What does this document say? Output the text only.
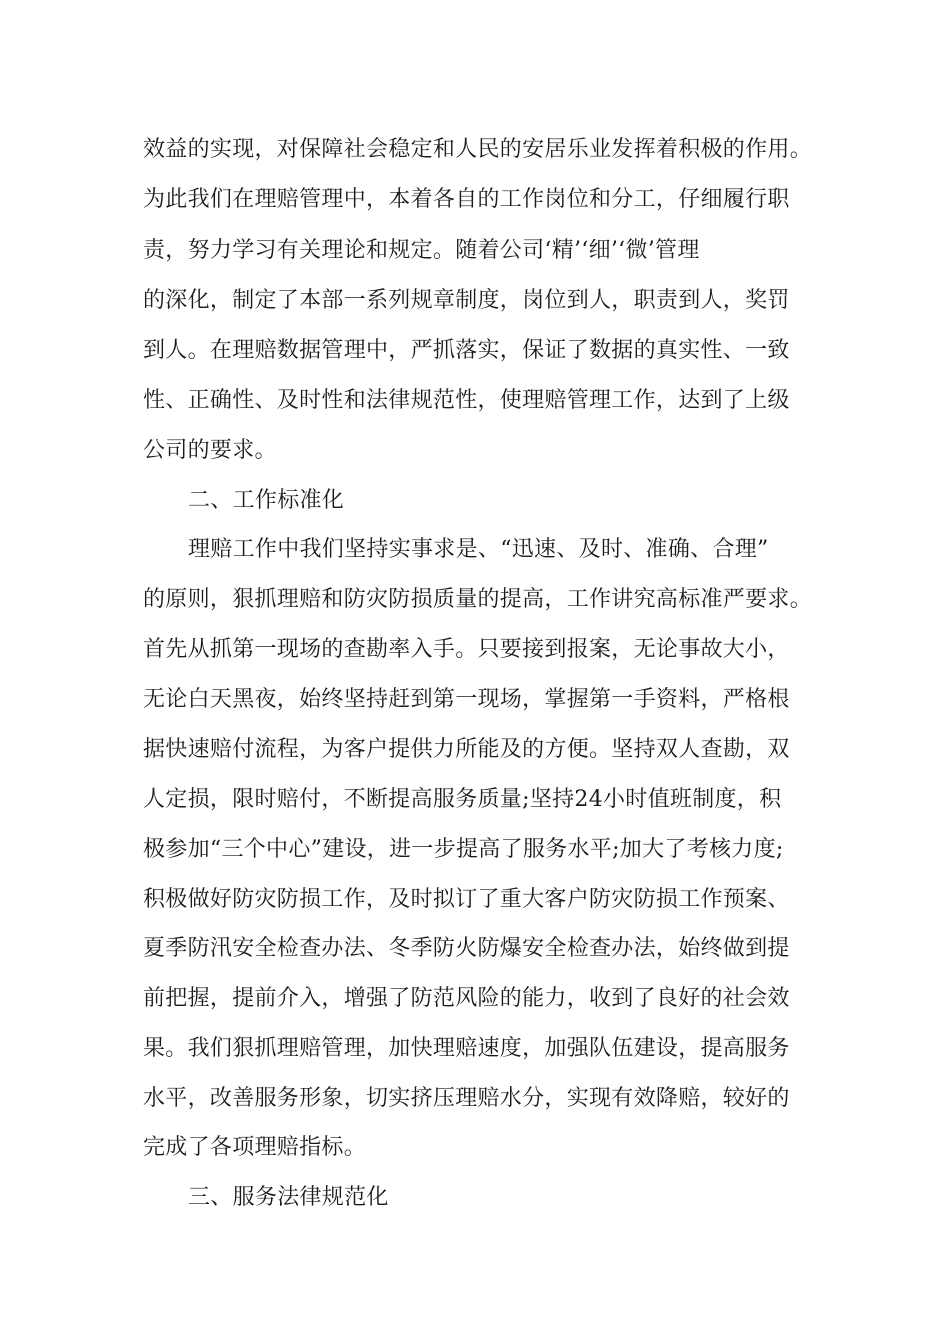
效益的实现，对保障社会稳定和人民的安居乐业发挥着积极的作用。
为此我们在理赔管理中，本着各自的工作岗位和分工，仔细履行职
责，努力学习有关理论和规定。随着公司‘精’‘细’‘微’管理
的深化，制定了本部一系列规章制度，岗位到人，职责到人，奖罚
到人。在理赔数据管理中，严抓落实，保证了数据的真实性、一致
性、正确性、及时性和法律规范性，使理赔管理工作，达到了上级
公司的要求。
二、工作标准化
理赔工作中我们坚持实事求是、“迅速、及时、准确、合理”
的原则，狠抓理赔和防灾防损质量的提高，工作讲究高标准严要求。
首先从抓第一现场的查勘率入手。只要接到报案，无论事故大小，
无论白天黑夜，始终坚持赶到第一现场，掌握第一手资料，严格根
据快速赔付流程，为客户提供力所能及的方便。坚持双人查勘，双
人定损，限时赔付，不断提高服务质量;坚持24小时值班制度，积
极参加“三个中心”建设，进一步提高了服务水平;加大了考核力度;
积极做好防灾防损工作，及时拟订了重大客户防灾防损工作预案、
夏季防汛安全检查办法、冬季防火防爆安全检查办法，始终做到提
前把握，提前介入，增强了防范风险的能力，收到了良好的社会效
果。我们狠抓理赔管理，加快理赔速度，加强队伍建设，提高服务
水平，改善服务形象，切实挤压理赔水分，实现有效降赔，较好的
完成了各项理赔指标。
三、服务法律规范化
